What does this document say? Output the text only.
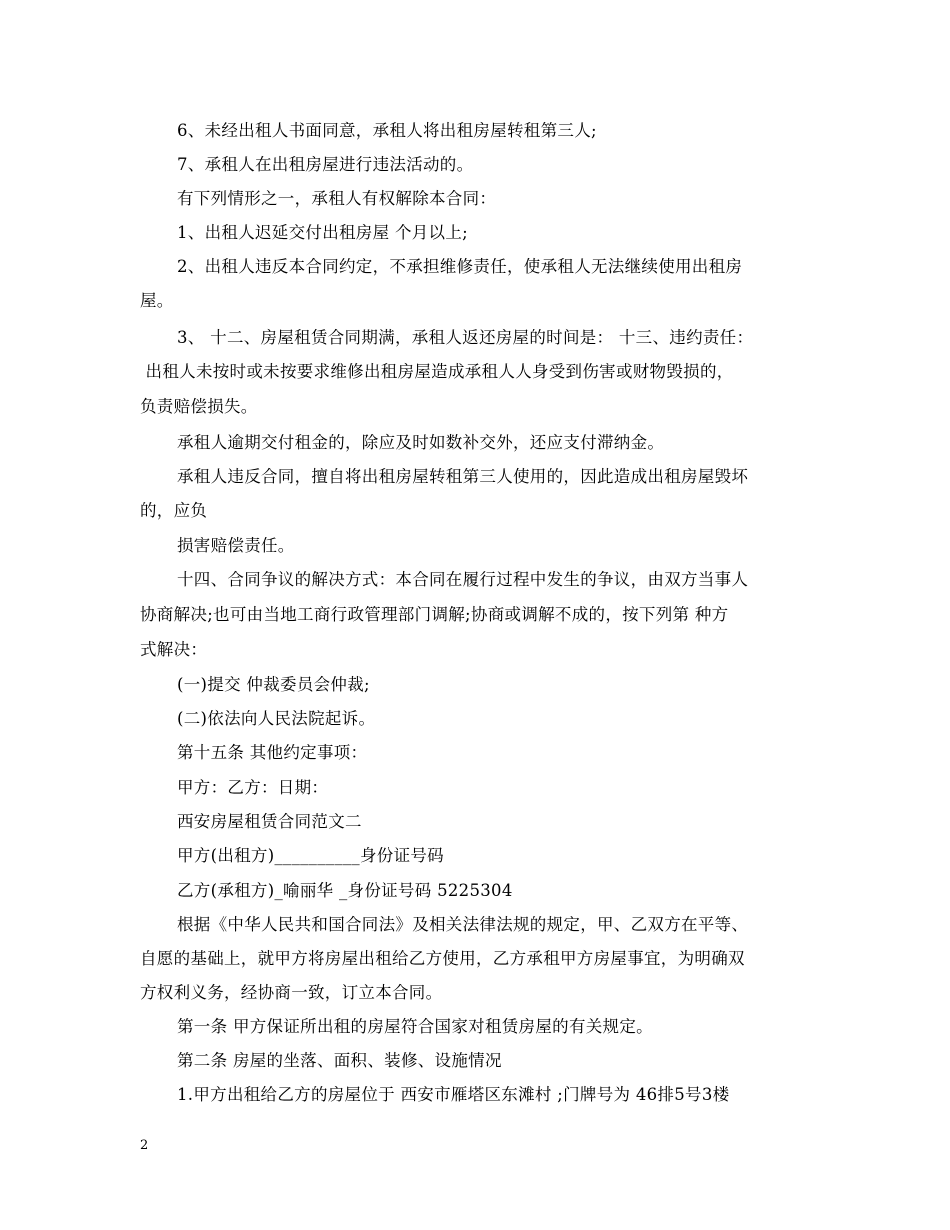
6、未经出租人书面同意，承租人将出租房屋转租第三人;
7、承租人在出租房屋进行违法活动的。
有下列情形之一，承租人有权解除本合同：
1、出租人迟延交付出租房屋 个月以上;
2、出租人违反本合同约定，不承担维修责任，使承租人无法继续使用出租房
屋。
3、 十二、房屋租赁合同期满，承租人返还房屋的时间是： 十三、违约责任：
出租人未按时或未按要求维修出租房屋造成承租人人身受到伤害或财物毁损的，
负责赔偿损失。
承租人逾期交付租金的，除应及时如数补交外，还应支付滞纳金。
承租人违反合同，擅自将出租房屋转租第三人使用的，因此造成出租房屋毁坏
的，应负
损害赔偿责任。
十四、合同争议的解决方式：本合同在履行过程中发生的争议，由双方当事人
协商解决;也可由当地工商行政管理部门调解;协商或调解不成的，按下列第 种方
式解决：
(一)提交 仲裁委员会仲裁;
(二)依法向人民法院起诉。
第十五条 其他约定事项：
甲方：乙方：日期：
西安房屋租赁合同范文二
甲方(出租方)__________身份证号码
乙方(承租方)_喻丽华 _身份证号码 5225304
根据《中华人民共和国合同法》及相关法律法规的规定，甲、乙双方在平等、
自愿的基础上，就甲方将房屋出租给乙方使用，乙方承租甲方房屋事宜，为明确双
方权利义务，经协商一致，订立本合同。
第一条 甲方保证所出租的房屋符合国家对租赁房屋的有关规定。
第二条 房屋的坐落、面积、装修、设施情况
1.甲方出租给乙方的房屋位于 西安市雁塔区东滩村 ;门牌号为 46排5号3楼
2
